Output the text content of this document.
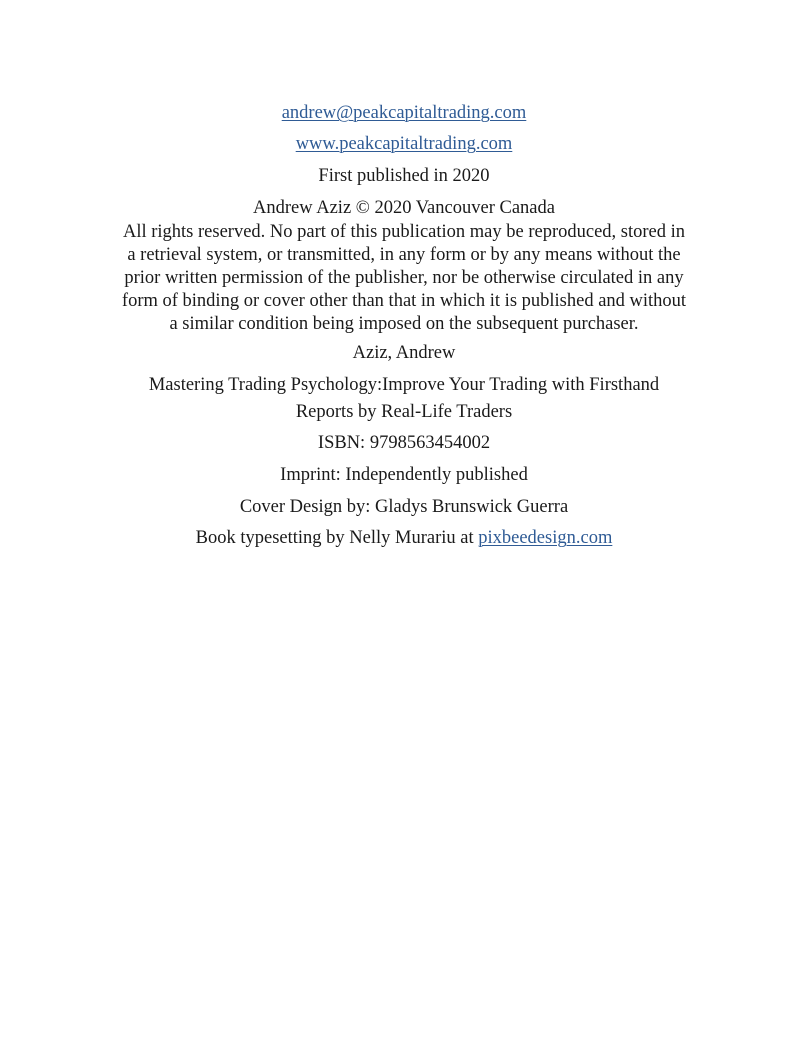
andrew@peakcapitaltrading.com
www.peakcapitaltrading.com
First published in 2020
Andrew Aziz © 2020 Vancouver Canada
All rights reserved. No part of this publication may be reproduced, stored in
a retrieval system, or transmitted, in any form or by any means without the
prior written permission of the publisher, nor be otherwise circulated in any
form of binding or cover other than that in which it is published and without
a similar condition being imposed on the subsequent purchaser.
Aziz, Andrew
Mastering Trading Psychology:Improve Your Trading with Firsthand
Reports by Real-Life Traders
ISBN: 9798563454002
Imprint: Independently published
Cover Design by: Gladys Brunswick Guerra
Book typesetting by Nelly Murariu at pixbeedesign.com
